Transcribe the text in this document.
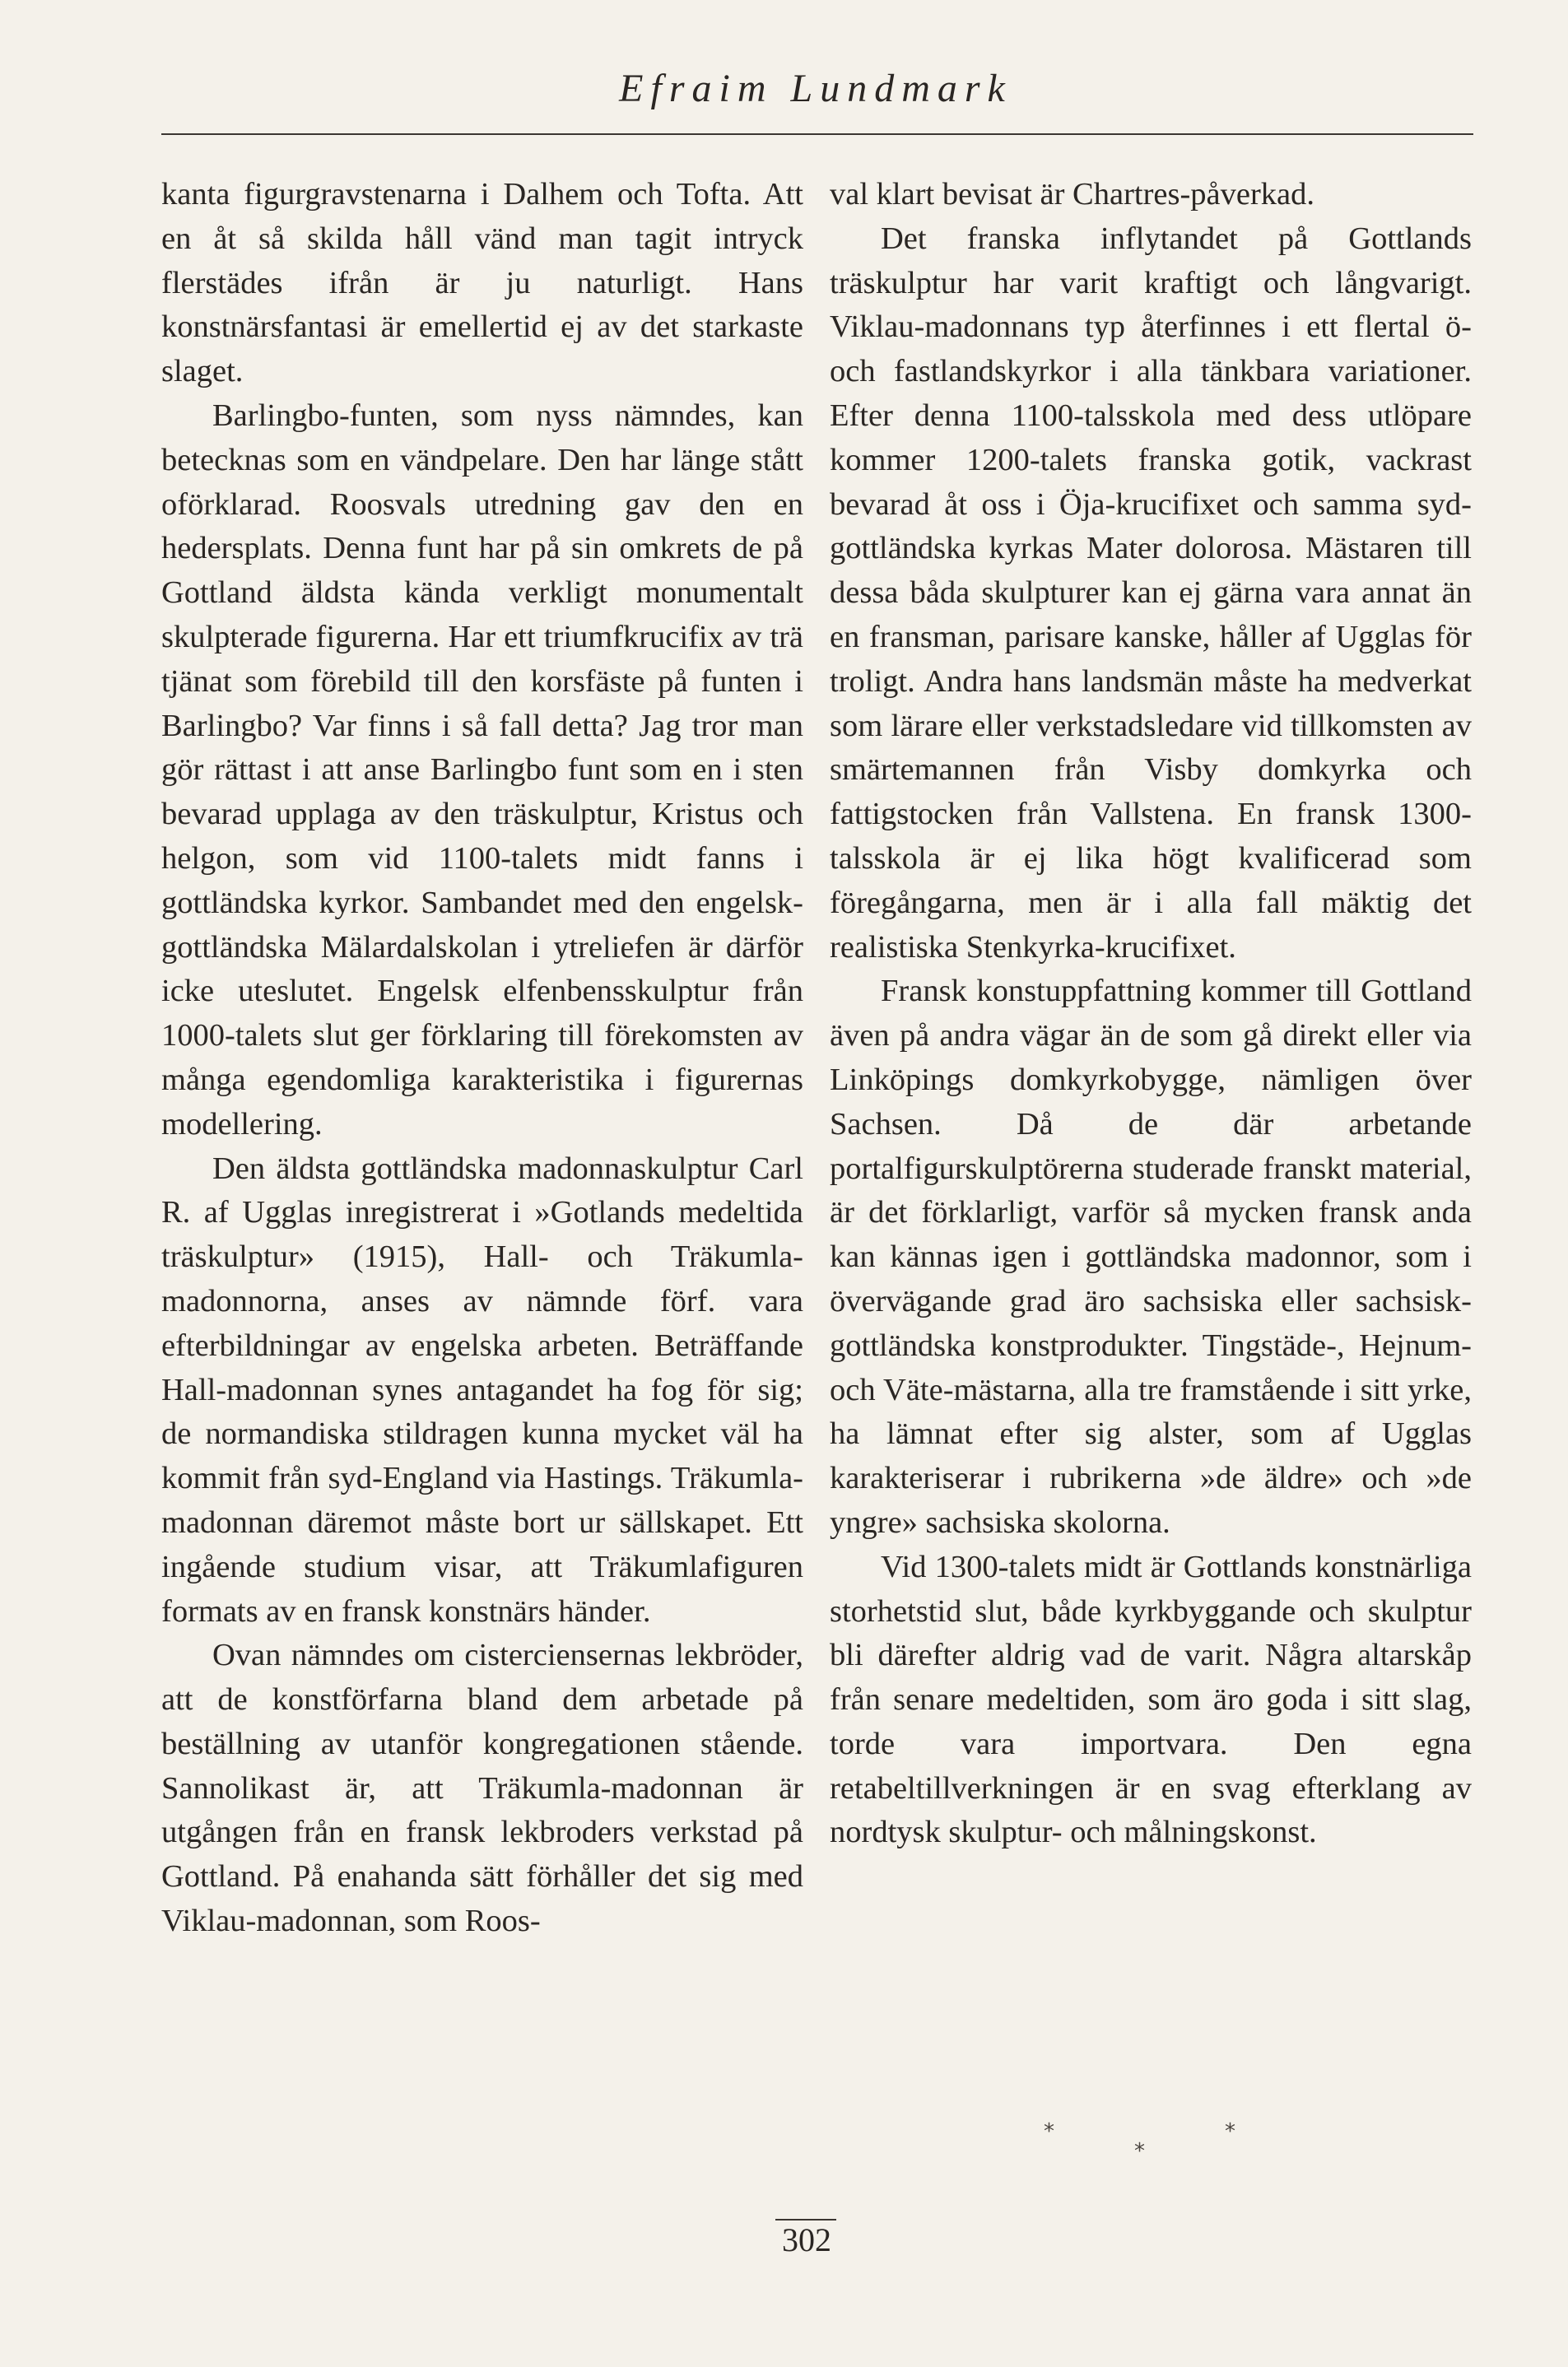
Efraim Lundmark

kanta figurgravstenarna i Dalhem och Tofta. Att en åt så skilda håll vänd man tagit intryck flerstädes ifrån är ju naturligt. Hans konstnärsfantasi är emellertid ej av det starkaste slaget.

Barlingbo-funten, som nyss nämndes, kan betecknas som en vändpelare. Den har länge stått oförklarad. Roosvals utredning gav den en hedersplats. Denna funt har på sin omkrets de på Gottland äldsta kända verkligt monumentalt skulpterade figurerna. Har ett triumfkrucifix av trä tjänat som förebild till den korsfäste på funten i Barlingbo? Var finns i så fall detta? Jag tror man gör rättast i att anse Barlingbo funt som en i sten bevarad upplaga av den träskulptur, Kristus och helgon, som vid 1100-talets midt fanns i gottländska kyrkor. Sambandet med den engelsk-gottländska Mälardalskolan i ytreliefen är därför icke uteslutet. Engelsk elfenbensskulptur från 1000-talets slut ger förklaring till förekomsten av många egendomliga karakteristika i figurernas modellering.

Den äldsta gottländska madonnaskulptur Carl R. af Ugglas inregistrerat i »Gotlands medeltida träskulptur» (1915), Hall- och Träkumla-madonnorna, anses av nämnde förf. vara efterbildningar av engelska arbeten. Beträffande Hall-madonnan synes antagandet ha fog för sig; de normandiska stildragen kunna mycket väl ha kommit från syd-England via Hastings. Träkumla-madonnan däremot måste bort ur sällskapet. Ett ingående studium visar, att Träkumlafiguren formats av en fransk konstnärs händer.

Ovan nämndes om cisterciensernas lekbröder, att de konstförfarna bland dem arbetade på beställning av utanför kongregationen stående. Sannolikast är, att Träkumla-madonnan är utgången från en fransk lekbroders verkstad på Gottland. På enahanda sätt förhåller det sig med Viklau-madonnan, som Roos-

val klart bevisat är Chartres-påverkad.

Det franska inflytandet på Gottlands träskulptur har varit kraftigt och långvarigt. Viklau-madonnans typ återfinnes i ett flertal ö- och fastlandskyrkor i alla tänkbara variationer. Efter denna 1100-talsskola med dess utlöpare kommer 1200-talets franska gotik, vackrast bevarad åt oss i Öja-krucifixet och samma syd-gottländska kyrkas Mater dolorosa. Mästaren till dessa båda skulpturer kan ej gärna vara annat än en fransman, parisare kanske, håller af Ugglas för troligt. Andra hans landsmän måste ha medverkat som lärare eller verkstadsledare vid tillkomsten av smärtemannen från Visby domkyrka och fattigstocken från Vallstena. En fransk 1300-talsskola är ej lika högt kvalificerad som föregångarna, men är i alla fall mäktig det realistiska Stenkyrka-krucifixet.

Fransk konstuppfattning kommer till Gottland även på andra vägar än de som gå direkt eller via Linköpings domkyrkobygge, nämligen över Sachsen. Då de där arbetande portalfigurskulptörerna studerade franskt material, är det förklarligt, varför så mycken fransk anda kan kännas igen i gottländska madonnor, som i övervägande grad äro sachsiska eller sachsisk-gottländska konstprodukter. Tingstäde-, Hejnum- och Väte-mästarna, alla tre framstående i sitt yrke, ha lämnat efter sig alster, som af Ugglas karakteriserar i rubrikerna »de äldre» och »de yngre» sachsiska skolorna.

Vid 1300-talets midt är Gottlands konstnärliga storhetstid slut, både kyrkbyggande och skulptur bli därefter aldrig vad de varit. Några altarskåp från senare medeltiden, som äro goda i sitt slag, torde vara importvara. Den egna retabeltillverkningen är en svag efterklang av nordtysk skulptur- och målningskonst.

*
*
*
302
